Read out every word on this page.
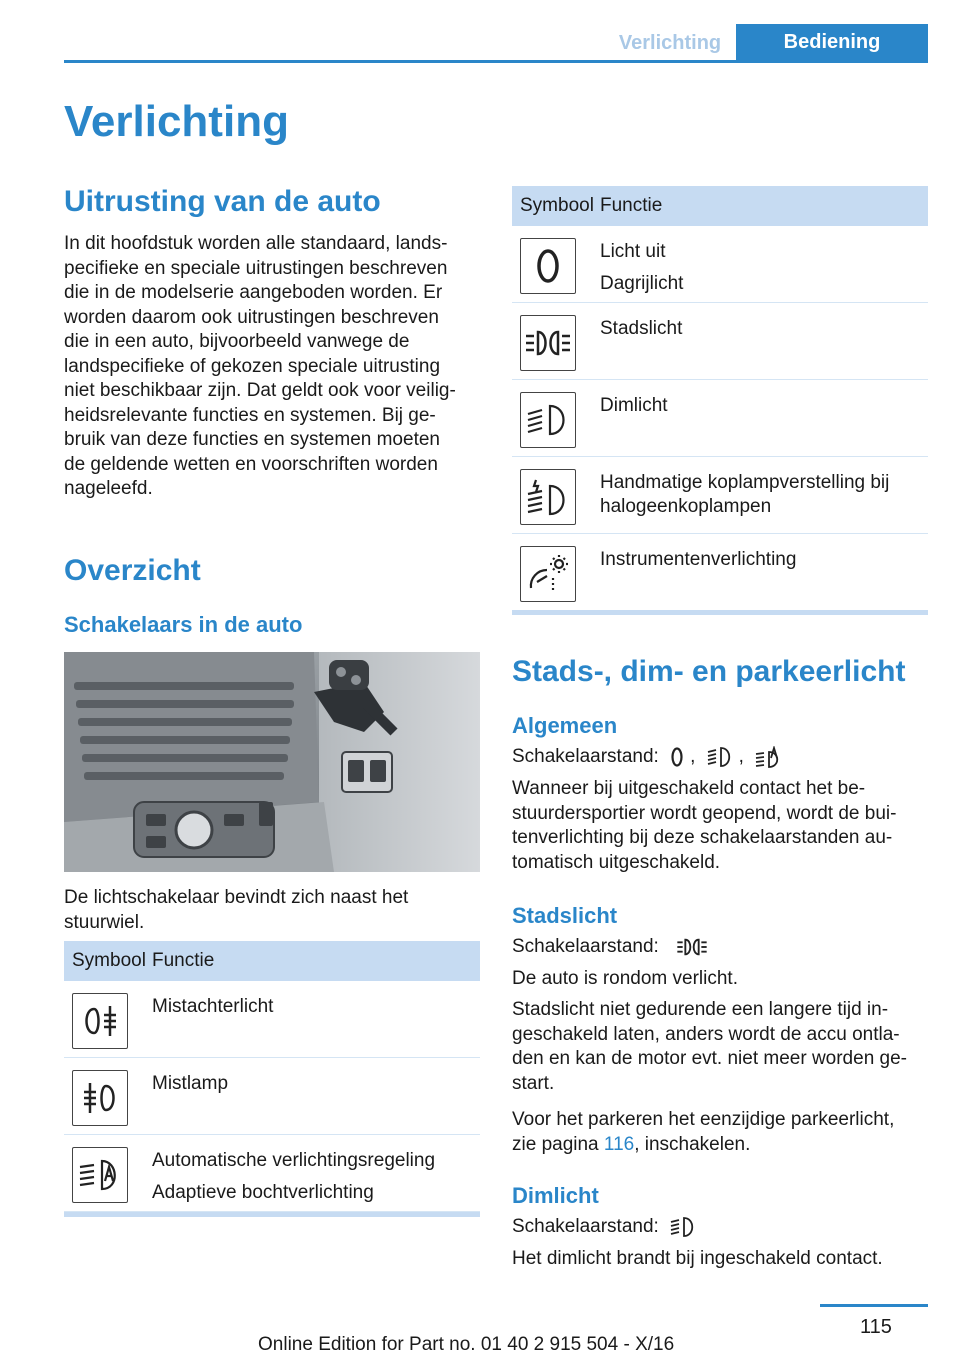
Verlichting	Bediening
Verlichting
Uitrusting van de auto
In dit hoofdstuk worden alle standaard, lands-
pecifieke en speciale uitrustingen beschreven
die in de modelserie aangeboden worden. Er
worden daarom ook uitrustingen beschreven
die in een auto, bijvoorbeeld vanwege de
landspecifieke of gekozen speciale uitrusting
niet beschikbaar zijn. Dat geldt ook voor veilig-
heidsrelevante functies en systemen. Bij ge-
bruik van deze functies en systemen moeten
de geldende wetten en voorschriften worden
nageleefd.
Overzicht
Schakelaars in de auto
De lichtschakelaar bevindt zich naast het
stuurwiel.
Symbool Functie
Mistachterlicht
Mistlamp
Automatische verlichtingsregeling
Adaptieve bochtverlichting
Symbool Functie
Licht uit
Dagrijlicht
Stadslicht
Dimlicht
Handmatige koplampverstelling bij
halogeenkoplampen
Instrumentenverlichting
Stads-, dim- en parkeerlicht
Algemeen
Schakelaarstand: , ,
Wanneer bij uitgeschakeld contact het be-
stuurdersportier wordt geopend, wordt de bui-
tenverlichting bij deze schakelaarstanden au-
tomatisch uitgeschakeld.
Stadslicht
Schakelaarstand:
De auto is rondom verlicht.
Stadslicht niet gedurende een langere tijd in-
geschakeld laten, anders wordt de accu ontla-
den en kan de motor evt. niet meer worden ge-
start.
Voor het parkeren het eenzijdige parkeerlicht,
zie pagina 116, inschakelen.
Dimlicht
Schakelaarstand:
Het dimlicht brandt bij ingeschakeld contact.
115
Online Edition for Part no. 01 40 2 915 504 - X/16
